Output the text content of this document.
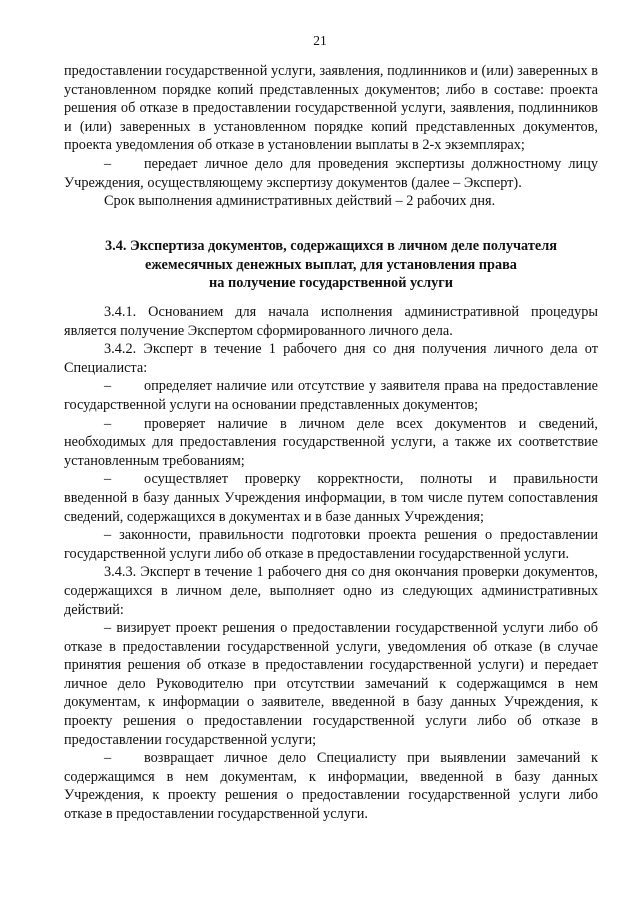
21

предоставлении государственной услуги, заявления, подлинников и (или) заверенных в установленном порядке копий представленных документов; либо в составе: проекта решения об отказе в предоставлении государственной услуги, заявления, подлинников и (или) заверенных в установленном порядке копий представленных документов, проекта уведомления об отказе в установлении выплаты в 2-х экземплярах;

– передает личное дело для проведения экспертизы должностному лицу Учреждения, осуществляющему экспертизу документов (далее – Эксперт).

Срок выполнения административных действий – 2 рабочих дня.

3.4. Экспертиза документов, содержащихся в личном деле получателя

ежемесячных денежных выплат, для установления права

на получение государственной услуги

3.4.1. Основанием для начала исполнения административной процедуры является получение Экспертом сформированного личного дела.

3.4.2. Эксперт в течение 1 рабочего дня со дня получения личного дела от Специалиста:

– определяет наличие или отсутствие у заявителя права на предоставление государственной услуги на основании представленных документов;

– проверяет наличие в личном деле всех документов и сведений, необходимых для предоставления государственной услуги, а также их соответствие установленным требованиям;

– осуществляет проверку корректности, полноты и правильности введенной в базу данных Учреждения информации, в том числе путем сопоставления сведений, содержащихся в документах и в базе данных Учреждения;

– законности, правильности подготовки проекта решения о предоставлении государственной услуги либо об отказе в предоставлении государственной услуги.

3.4.3. Эксперт в течение 1 рабочего дня со дня окончания проверки документов, содержащихся в личном деле, выполняет одно из следующих административных действий:

– визирует проект решения о предоставлении государственной услуги либо об отказе в предоставлении государственной услуги, уведомления об отказе (в случае принятия решения об отказе в предоставлении государственной услуги) и передает личное дело Руководителю при отсутствии замечаний к содержащимся в нем документам, к информации о заявителе, введенной в базу данных Учреждения, к проекту решения о предоставлении государственной услуги либо об отказе в предоставлении государственной услуги;

– возвращает личное дело Специалисту при выявлении замечаний к содержащимся в нем документам, к информации, введенной в базу данных Учреждения, к проекту решения о предоставлении государственной услуги либо отказе в предоставлении государственной услуги.
